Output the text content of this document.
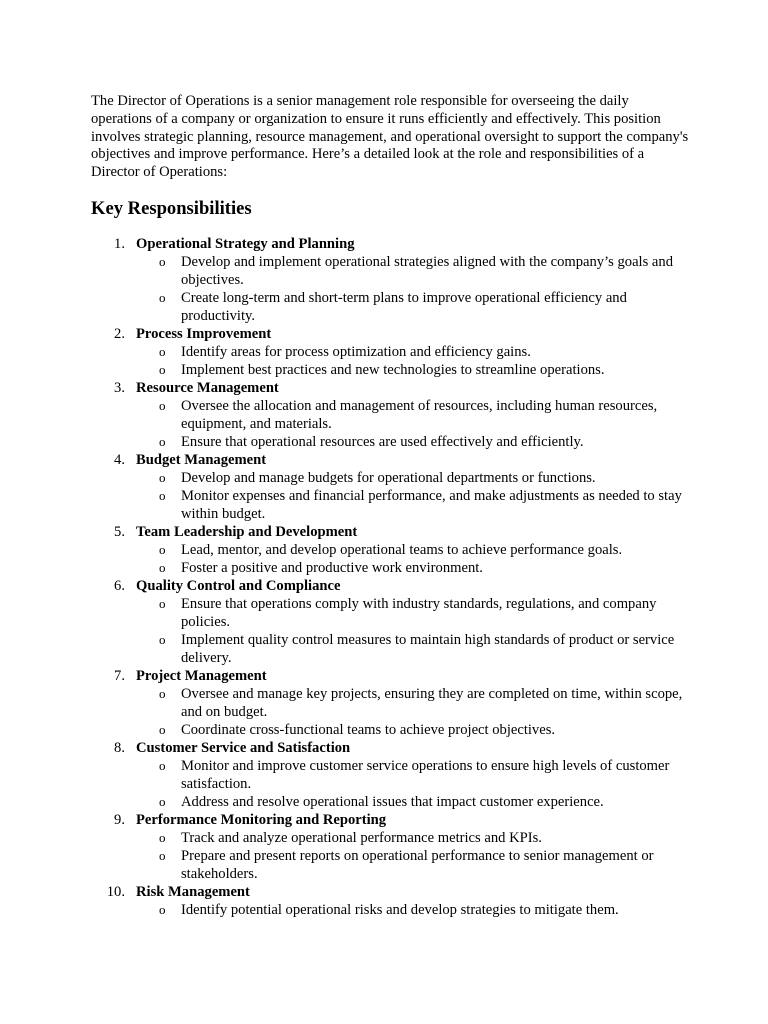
The Director of Operations is a senior management role responsible for overseeing the daily operations of a company or organization to ensure it runs efficiently and effectively. This position involves strategic planning, resource management, and operational oversight to support the company's objectives and improve performance. Here’s a detailed look at the role and responsibilities of a Director of Operations:

Key Responsibilities
1. Operational Strategy and Planning
o Develop and implement operational strategies aligned with the company’s goals and objectives.
o Create long-term and short-term plans to improve operational efficiency and productivity.
2. Process Improvement
o Identify areas for process optimization and efficiency gains.
o Implement best practices and new technologies to streamline operations.
3. Resource Management
o Oversee the allocation and management of resources, including human resources, equipment, and materials.
o Ensure that operational resources are used effectively and efficiently.
4. Budget Management
o Develop and manage budgets for operational departments or functions.
o Monitor expenses and financial performance, and make adjustments as needed to stay within budget.
5. Team Leadership and Development
o Lead, mentor, and develop operational teams to achieve performance goals.
o Foster a positive and productive work environment.
6. Quality Control and Compliance
o Ensure that operations comply with industry standards, regulations, and company policies.
o Implement quality control measures to maintain high standards of product or service delivery.
7. Project Management
o Oversee and manage key projects, ensuring they are completed on time, within scope, and on budget.
o Coordinate cross-functional teams to achieve project objectives.
8. Customer Service and Satisfaction
o Monitor and improve customer service operations to ensure high levels of customer satisfaction.
o Address and resolve operational issues that impact customer experience.
9. Performance Monitoring and Reporting
o Track and analyze operational performance metrics and KPIs.
o Prepare and present reports on operational performance to senior management or stakeholders.
10. Risk Management
o Identify potential operational risks and develop strategies to mitigate them.
